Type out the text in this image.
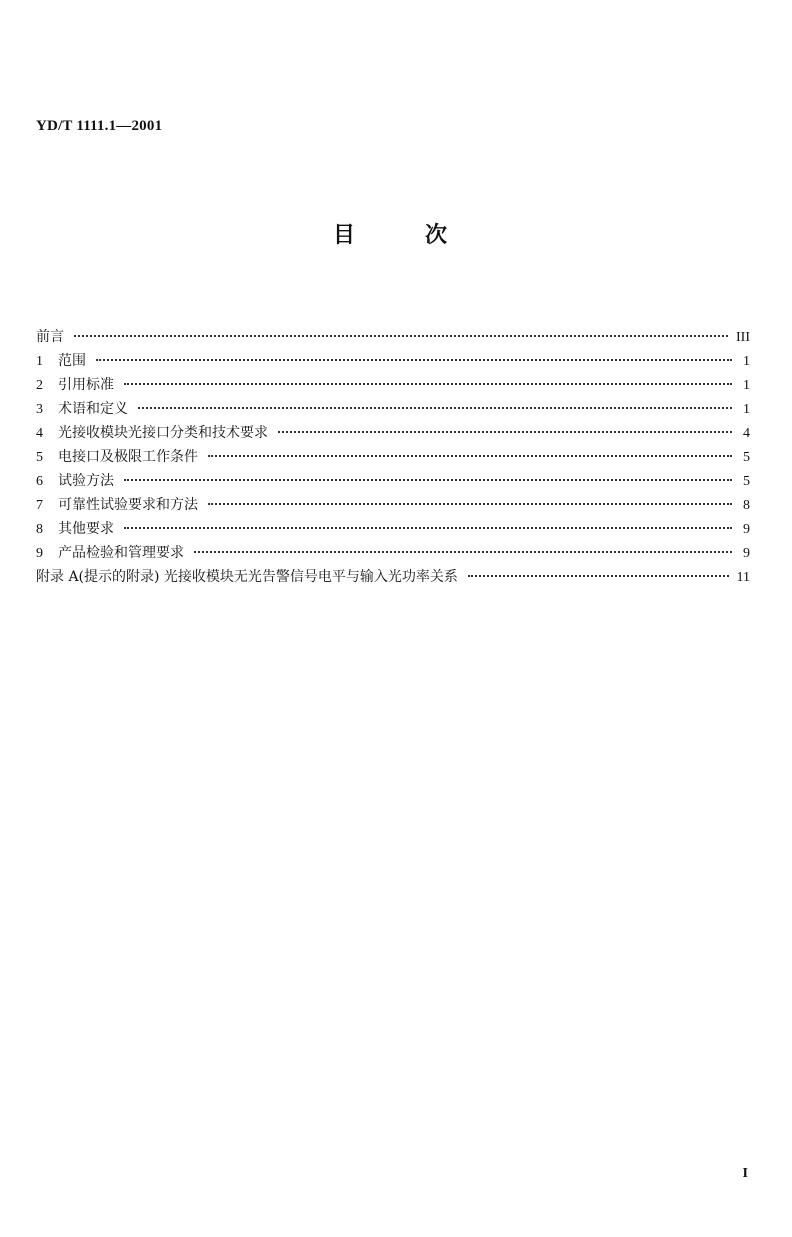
YD/T 1111.1—2001
目次
前言	III
1	范围	1
2	引用标准	1
3	术语和定义	1
4	光接收模块光接口分类和技术要求	4
5	电接口及极限工作条件	5
6	试验方法	5
7	可靠性试验要求和方法	8
8	其他要求	9
9	产品检验和管理要求	9
附录 A(提示的附录) 光接收模块无光告警信号电平与输入光功率关系	11
I
